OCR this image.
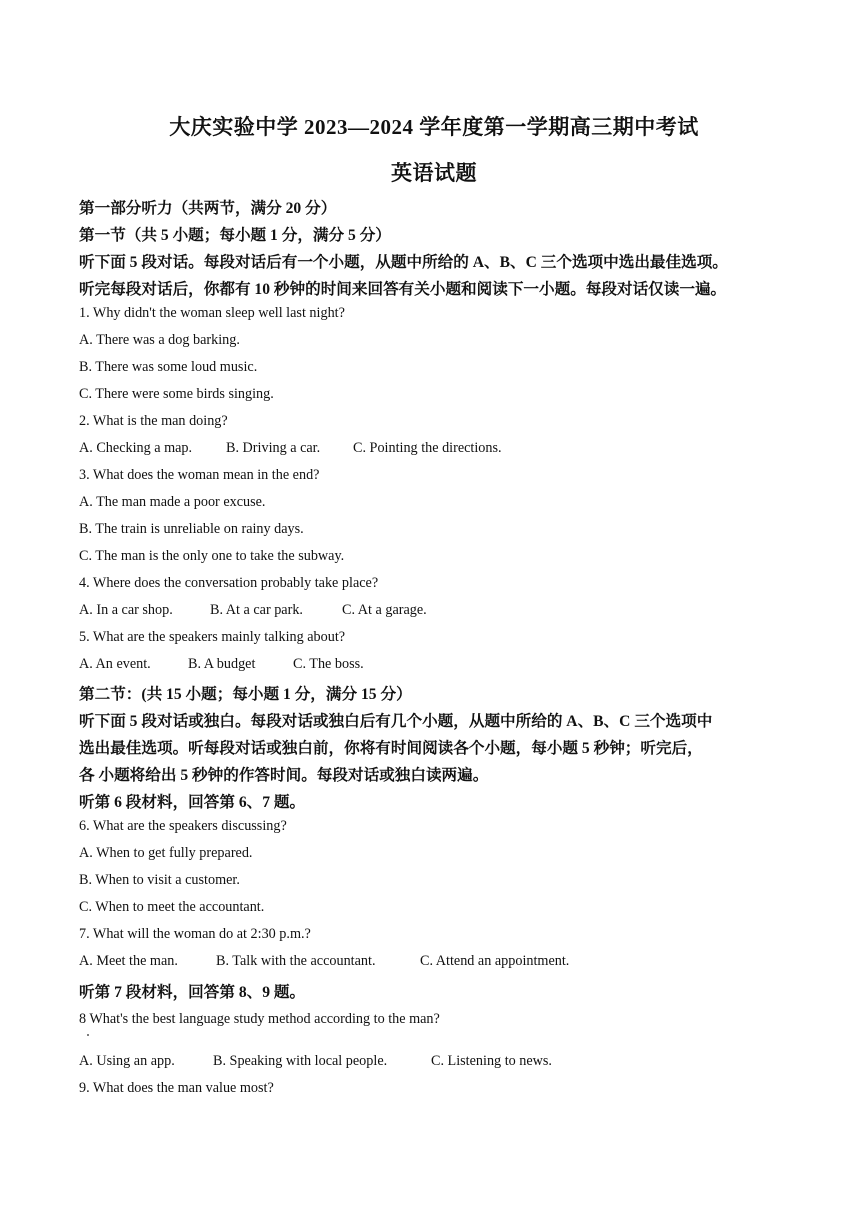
大庆实验中学 2023—2024 学年度第一学期高三期中考试
英语试题
第一部分听力（共两节，满分 20 分）
第一节（共 5 小题；每小题 1 分，满分 5 分）
听下面 5 段对话。每段对话后有一个小题，从题中所给的 A、B、C 三个选项中选出最佳选项。
听完每段对话后，你都有 10 秒钟的时间来回答有关小题和阅读下一小题。每段对话仅读一遍。
1. Why didn't the woman sleep well last night?
A. There was a dog barking.
B. There was some loud music.
C. There were some birds singing.
2. What is the man doing?
A. Checking a map. B. Driving a car. C. Pointing the directions.
3. What does the woman mean in the end?
A. The man made a poor excuse.
B. The train is unreliable on rainy days.
C. The man is the only one to take the subway.
4. Where does the conversation probably take place?
A. In a car shop.	B. At a car park.	C. At a garage.
5. What are the speakers mainly talking about?
A. An event.	B. A budget	C. The boss.
第二节：(共 15 小题；每小题 1 分，满分 15 分）
听下面 5 段对话或独白。每段对话或独白后有几个小题，从题中所给的 A、B、C 三个选项中
选出最佳选项。听每段对话或独白前，你将有时间阅读各个小题，每小题 5 秒钟；听完后，
各 小题将给出 5 秒钟的作答时间。每段对话或独白读两遍。
听第 6 段材料，回答第 6、7 题。
6. What are the speakers discussing?
A. When to get fully prepared.
B. When to visit a customer.
C. When to meet the accountant.
7. What will the woman do at 2:30 p.m.?
A. Meet the man.	B. Talk with the accountant.	C. Attend an appointment.
听第 7 段材料，回答第 8、9 题。
8 What's the best language study method according to the man?
A. Using an app.	B. Speaking with local people.	C. Listening to news.
9. What does the man value most?
